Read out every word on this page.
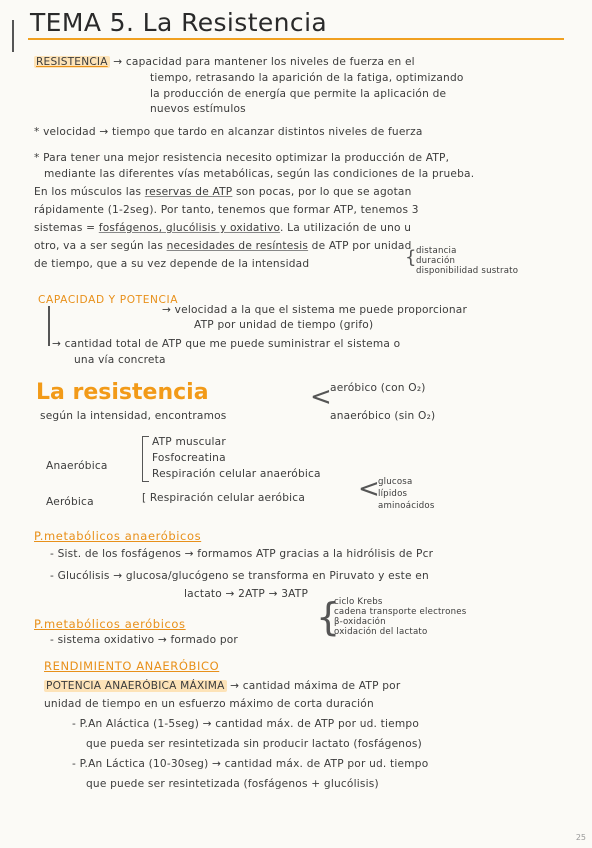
TEMA 5. La Resistencia
RESISTENCIA → capacidad para mantener los niveles de fuerza en el
tiempo, retrasando la aparición de la fatiga, optimizando
la producción de energía que permite la aplicación de
nuevos estímulos
* velocidad → tiempo que tardo en alcanzar distintos niveles de fuerza
* Para tener una mejor resistencia necesito optimizar la producción de ATP,
mediante las diferentes vías metabólicas, según las condiciones de la prueba.
En los músculos las reservas de ATP son pocas, por lo que se agotan
rápidamente (1-2seg). Por tanto, tenemos que formar ATP, tenemos 3
sistemas = fosfágenos, glucólisis y oxidativo. La utilización de uno u
otro, va a ser según las necesidades de resíntesis de ATP por unidad
de tiempo, que a su vez depende de la intensidad	{ distancia
duración
disponibilidad sustrato
CAPACIDAD Y POTENCIA
→ velocidad a la que el sistema me puede proporcionar
ATP por unidad de tiempo (grifo)
→ cantidad total de ATP que me puede suministrar el sistema o
una vía concreta
La resistencia
según la intensidad, encontramos
aeróbico (con O₂)
anaeróbico (sin O₂)
<
Anaeróbica
ATP muscular
Fosfocreatina
Respiración celular anaeróbica
Aeróbica	[ Respiración celular aeróbica <
glucosa
lípidos
aminoácidos
P.metabólicos anaeróbicos
- Sist. de los fosfágenos → formamos ATP gracias a la hidrólisis de Pcr
- Glucólisis → glucosa/glucógeno se transforma en Piruvato y este en
lactato → 2ATP → 3ATP
P.metabólicos aeróbicos
- sistema oxidativo → formado por
{
ciclo Krebs
cadena transporte electrones
β-oxidación
oxidación del lactato
RENDIMIENTO ANAERÓBICO
POTENCIA ANAERÓBICA MÁXIMA → cantidad máxima de ATP por
unidad de tiempo en un esfuerzo máximo de corta duración
- P.An Aláctica (1-5seg) → cantidad máx. de ATP por ud. tiempo
que pueda ser resintetizada sin producir lactato (fosfágenos)
- P.An Láctica (10-30seg) → cantidad máx. de ATP por ud. tiempo
que puede ser resintetizada (fosfágenos + glucólisis)
25
